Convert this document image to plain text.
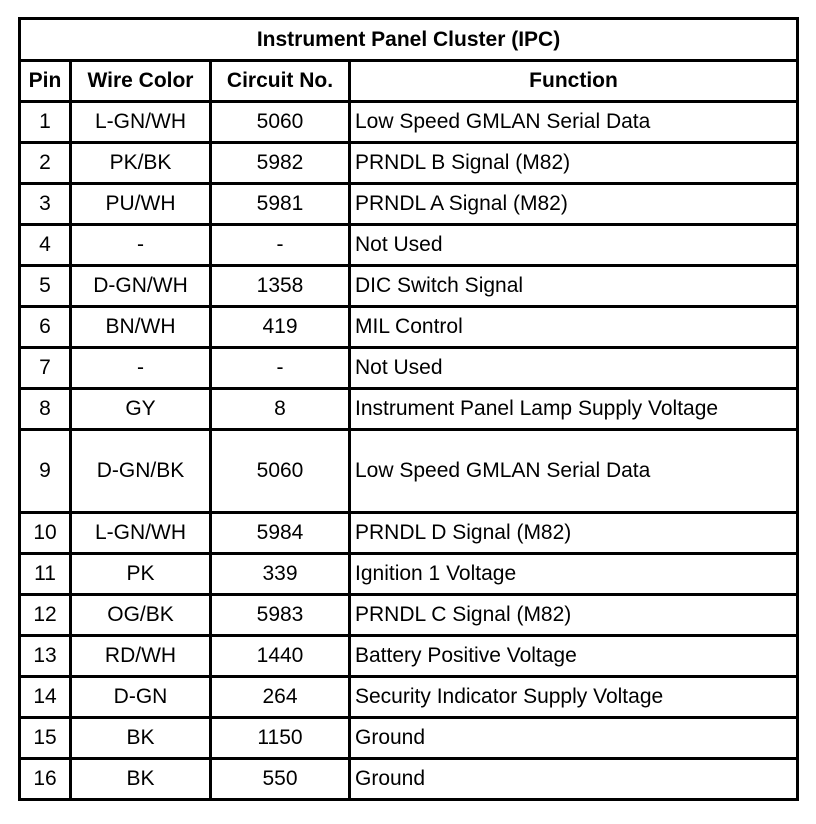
Instrument Panel Cluster (IPC)			
Pin	Wire Color	Circuit No.	Function
1	L-GN/WH	5060	Low Speed GMLAN Serial Data
2	PK/BK	5982	PRNDL B Signal (M82)
3	PU/WH	5981	PRNDL A Signal (M82)
4	-	-	Not Used
5	D-GN/WH	1358	DIC Switch Signal
6	BN/WH	419	MIL Control
7	-	-	Not Used
8	GY	8	Instrument Panel Lamp Supply Voltage
9	D-GN/BK	5060	Low Speed GMLAN Serial Data
10	L-GN/WH	5984	PRNDL D Signal (M82)
11	PK	339	Ignition 1 Voltage
12	OG/BK	5983	PRNDL C Signal (M82)
13	RD/WH	1440	Battery Positive Voltage
14	D-GN	264	Security Indicator Supply Voltage
15	BK	1150	Ground
16	BK	550	Ground
